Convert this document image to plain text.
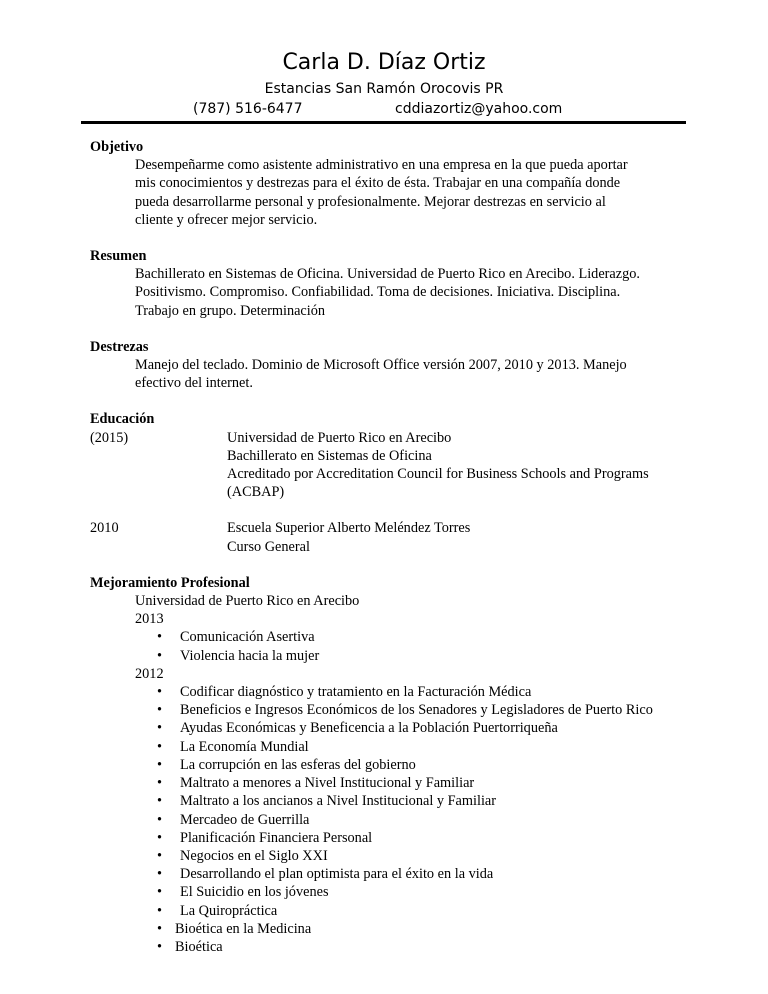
Carla D. Díaz Ortiz
Estancias San Ramón Orocovis PR
(787) 516-6477	cddiazortiz@yahoo.com
Objetivo
Desempeñarme como asistente administrativo en una empresa en la que pueda aportar
mis conocimientos y destrezas para el éxito de ésta. Trabajar en una compañía donde
pueda desarrollarme personal y profesionalmente. Mejorar destrezas en servicio al
cliente y ofrecer mejor servicio.
Resumen
Bachillerato en Sistemas de Oficina. Universidad de Puerto Rico en Arecibo. Liderazgo.
Positivismo. Compromiso. Confiabilidad. Toma de decisiones. Iniciativa. Disciplina.
Trabajo en grupo. Determinación
Destrezas
Manejo del teclado. Dominio de Microsoft Office versión 2007, 2010 y 2013. Manejo
efectivo del internet.
Educación
(2015)	Universidad de Puerto Rico en Arecibo
Bachillerato en Sistemas de Oficina
Acreditado por Accreditation Council for Business Schools and Programs
(ACBAP)
2010	Escuela Superior Alberto Meléndez Torres
Curso General
Mejoramiento Profesional
Universidad de Puerto Rico en Arecibo
2013
• Comunicación Asertiva
• Violencia hacia la mujer
2012
• Codificar diagnóstico y tratamiento en la Facturación Médica
• Beneficios e Ingresos Económicos de los Senadores y Legisladores de Puerto Rico
• Ayudas Económicas y Beneficencia a la Población Puertorriqueña
• La Economía Mundial
• La corrupción en las esferas del gobierno
• Maltrato a menores a Nivel Institucional y Familiar
• Maltrato a los ancianos a Nivel Institucional y Familiar
• Mercadeo de Guerrilla
• Planificación Financiera Personal
• Negocios en el Siglo XXI
• Desarrollando el plan optimista para el éxito en la vida
• El Suicidio en los jóvenes
• La Quiropráctica
• Bioética en la Medicina
• Bioética
